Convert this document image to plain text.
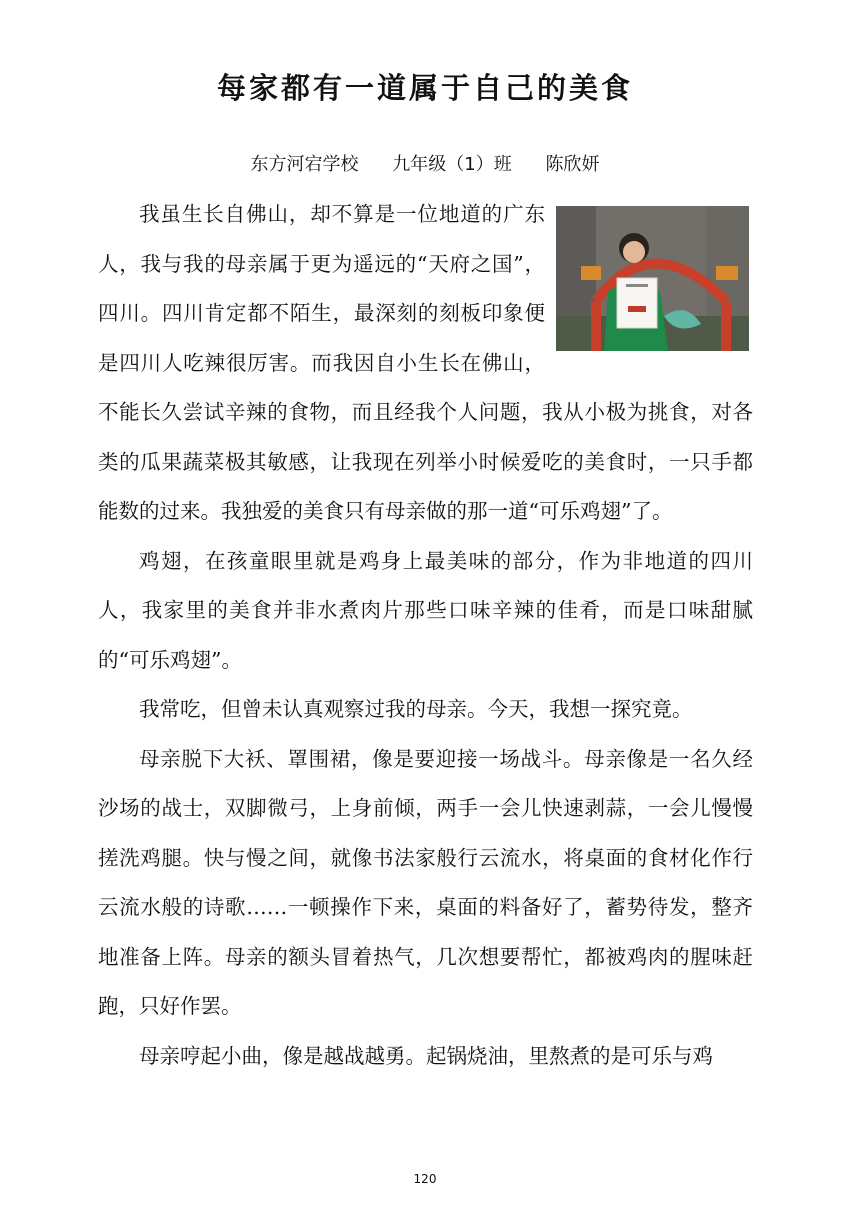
每家都有一道属于自己的美食
东方河宕学校 九年级（1）班 陈欣妍

我虽生长自佛山，却不算是一位地道的广东人，我与我的母亲属于更为遥远的“天府之国”，四川。四川肯定都不陌生，最深刻的刻板印象便是四川人吃辣很厉害。而我因自小生长在佛山，不能长久尝试辛辣的食物，而且经我个人问题，我从小极为挑食，对各类的瓜果蔬菜极其敏感，让我现在列举小时候爱吃的美食时，一只手都能数的过来。我独爱的美食只有母亲做的那一道“可乐鸡翅”了。

鸡翅，在孩童眼里就是鸡身上最美味的部分，作为非地道的四川人，我家里的美食并非水煮肉片那些口味辛辣的佳肴，而是口味甜腻的“可乐鸡翅”。

我常吃，但曾未认真观察过我的母亲。今天，我想一探究竟。

母亲脱下大袄、罩围裙，像是要迎接一场战斗。母亲像是一名久经沙场的战士，双脚微弓，上身前倾，两手一会儿快速剥蒜，一会儿慢慢搓洗鸡腿。快与慢之间，就像书法家般行云流水，将桌面的食材化作行云流水般的诗歌……一顿操作下来，桌面的料备好了，蓄势待发，整齐地准备上阵。母亲的额头冒着热气，几次想要帮忙，都被鸡肉的腥味赶跑，只好作罢。

母亲哼起小曲，像是越战越勇。起锅烧油，里熬煮的是可乐与鸡

120
